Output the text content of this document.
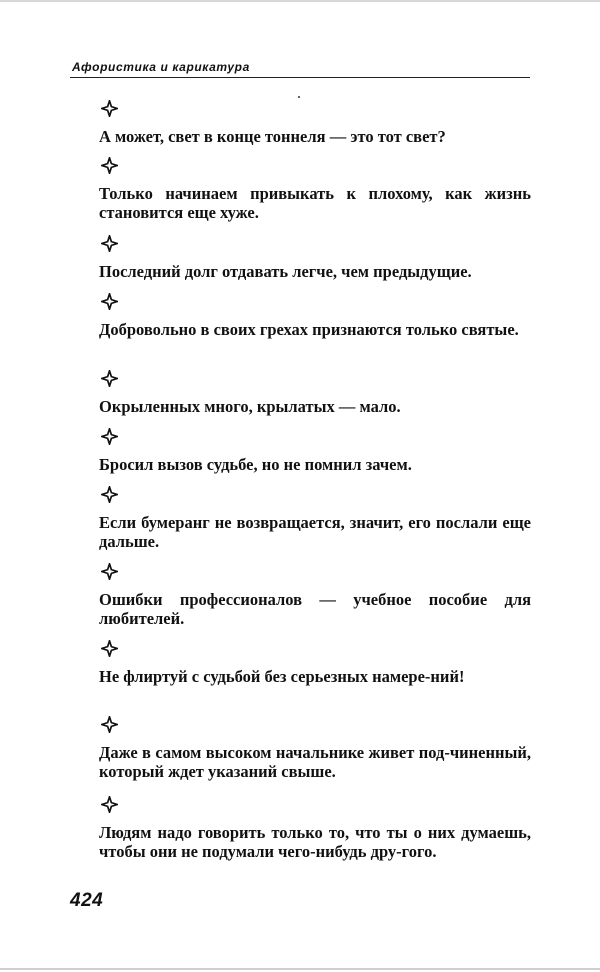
Афористика и карикатура
А может, свет в конце тоннеля — это тот свет?
Только начинаем привыкать к плохому, как жизнь становится еще хуже.
Последний долг отдавать легче, чем предыдущие.
Добровольно в своих грехах признаются только святые.
Окрыленных много, крылатых — мало.
Бросил вызов судьбе, но не помнил зачем.
Если бумеранг не возвращается, значит, его послали еще дальше.
Ошибки профессионалов — учебное пособие для любителей.
Не флиртуй с судьбой без серьезных намере-ний!
Даже в самом высоком начальнике живет под-чиненный, который ждет указаний свыше.
Людям надо говорить только то, что ты о них думаешь, чтобы они не подумали чего-нибудь дру-гого.
424
